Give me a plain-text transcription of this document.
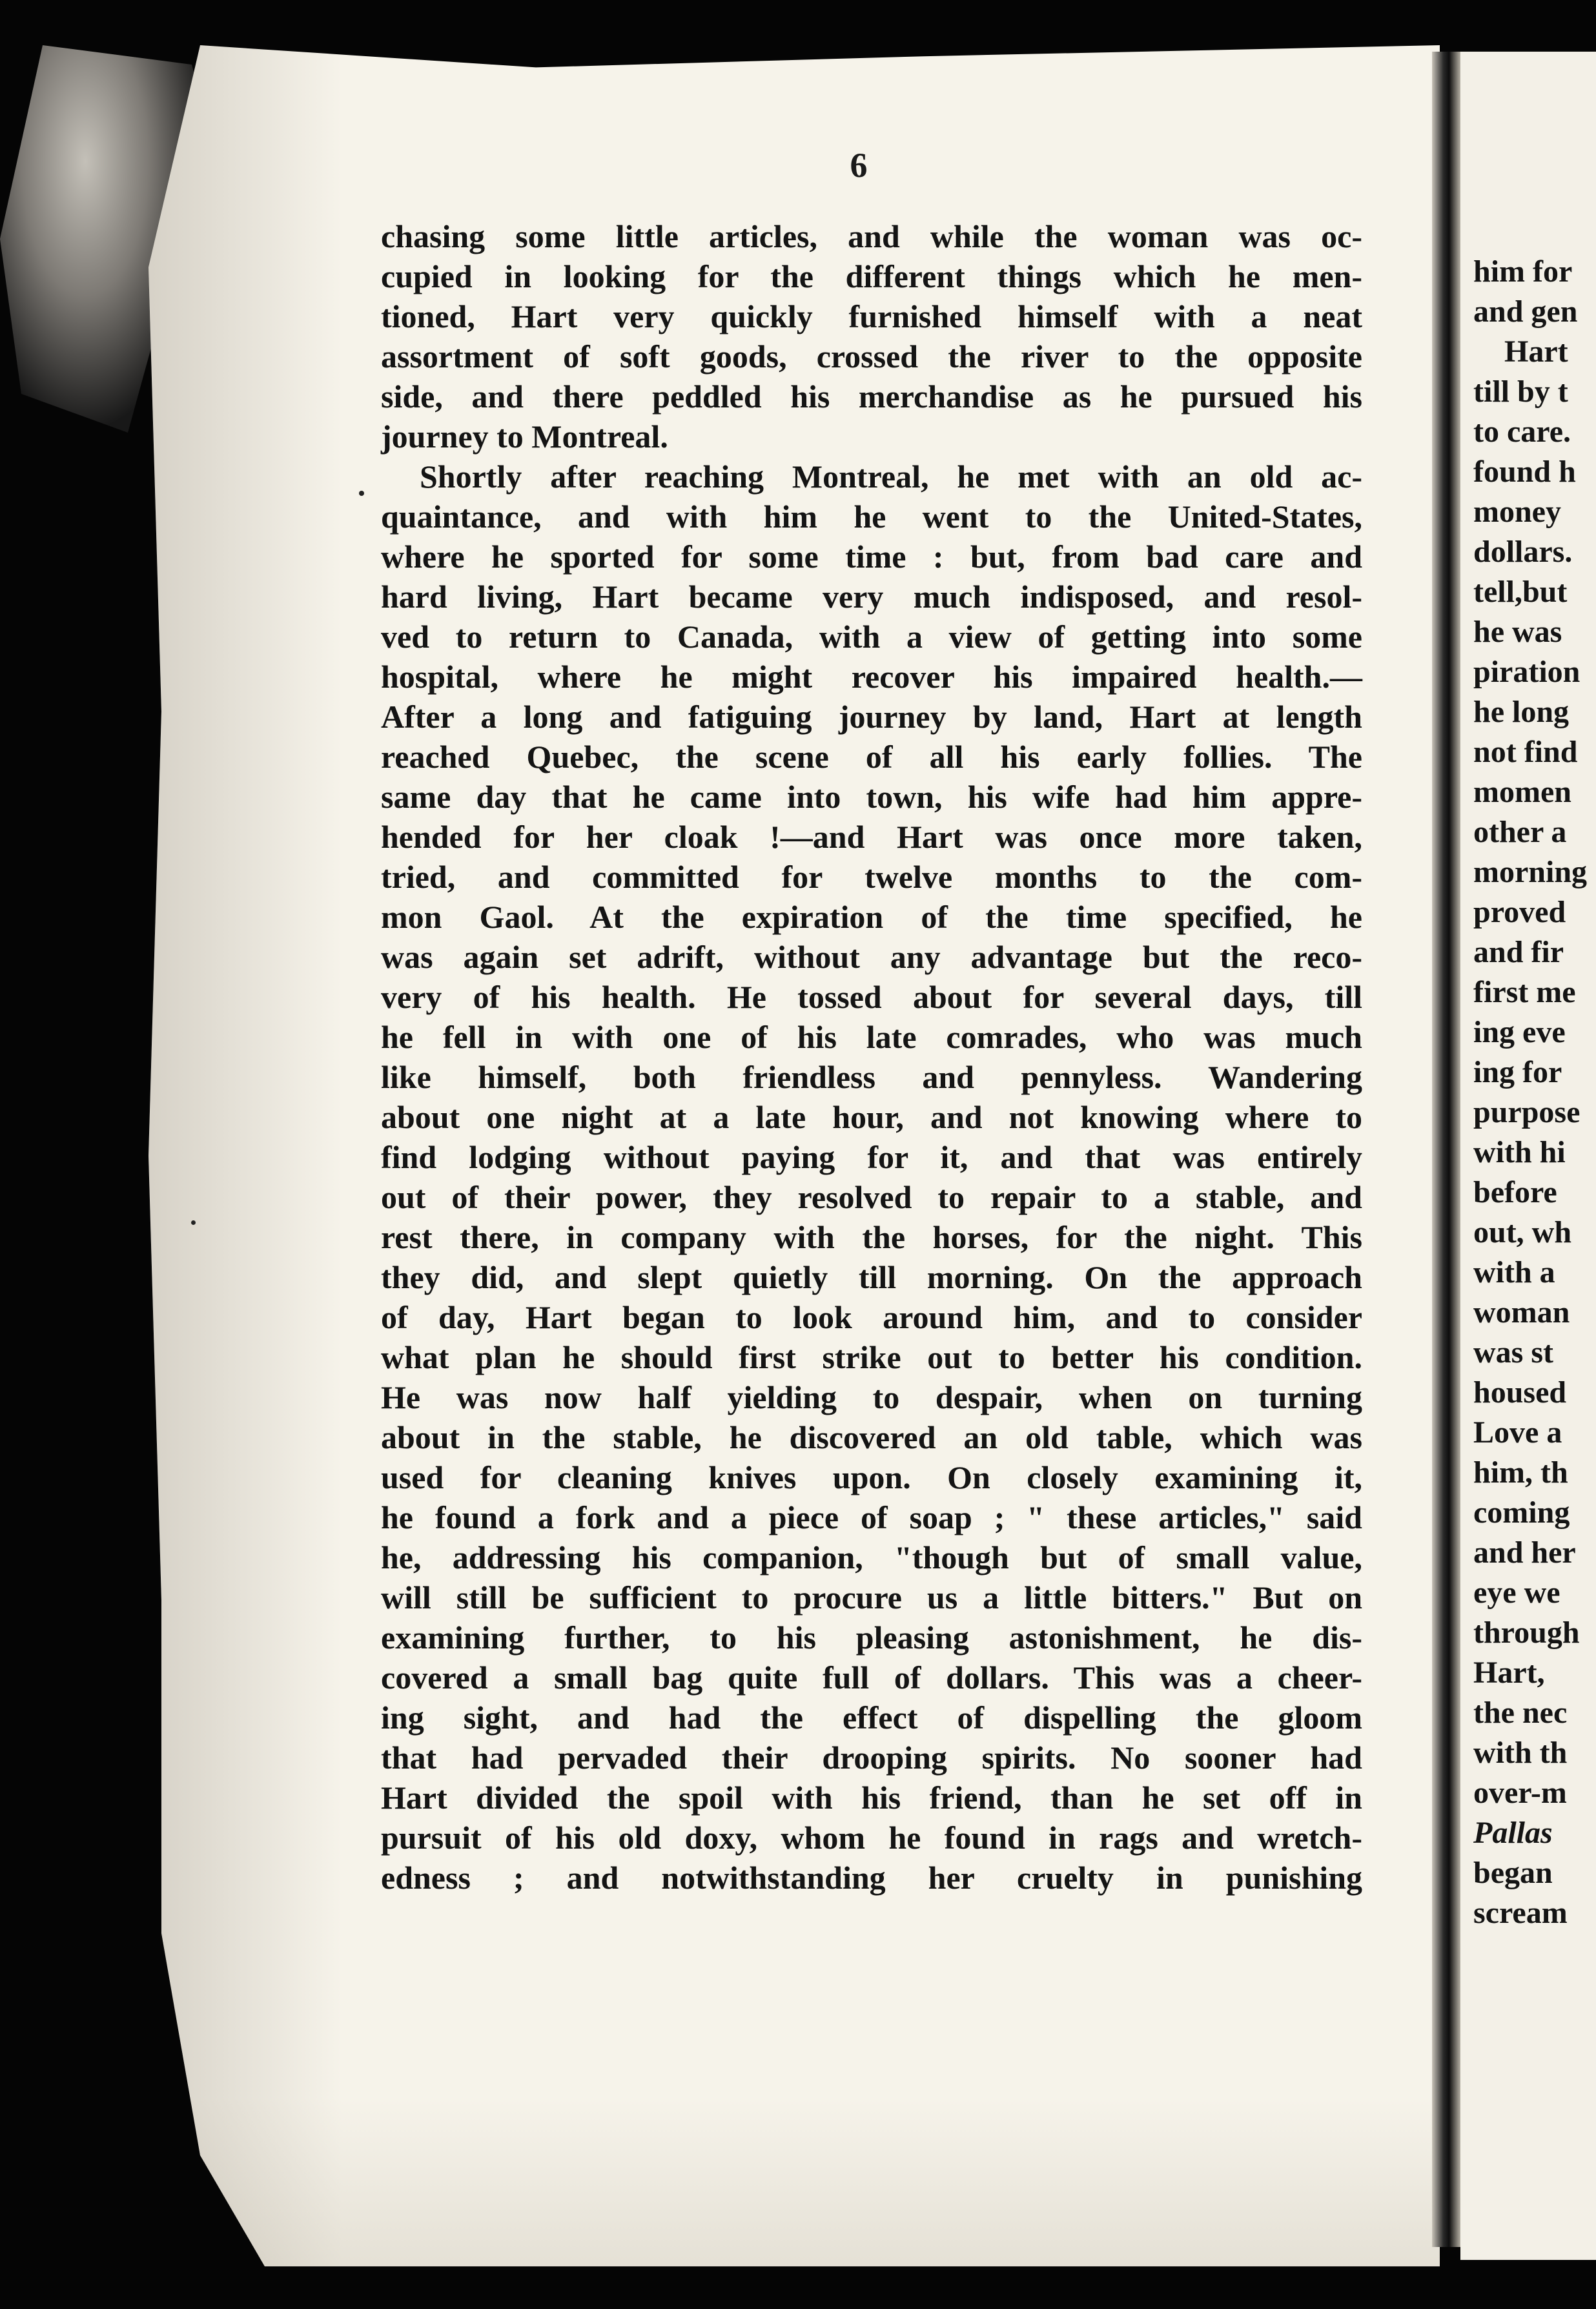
6
chasing some little articles, and while the woman was oc-
cupied in looking for the different things which he men-
tioned, Hart very quickly furnished himself with a neat
assortment of soft goods, crossed the river to the opposite
side, and there peddled his merchandise as he pursued his
journey to Montreal.
Shortly after reaching Montreal, he met with an old ac-
quaintance, and with him he went to the United-States,
where he sported for some time : but, from bad care and
hard living, Hart became very much indisposed, and resol-
ved to return to Canada, with a view of getting into some
hospital, where he might recover his impaired health.—
After a long and fatiguing journey by land, Hart at length
reached Quebec, the scene of all his early follies. The
same day that he came into town, his wife had him appre-
hended for her cloak !—and Hart was once more taken,
tried, and committed for twelve months to the com-
mon Gaol. At the expiration of the time specified, he
was again set adrift, without any advantage but the reco-
very of his health. He tossed about for several days, till
he fell in with one of his late comrades, who was much
like himself, both friendless and pennyless. Wandering
about one night at a late hour, and not knowing where to
find lodging without paying for it, and that was entirely
out of their power, they resolved to repair to a stable, and
rest there, in company with the horses, for the night. This
they did, and slept quietly till morning. On the approach
of day, Hart began to look around him, and to consider
what plan he should first strike out to better his condition.
He was now half yielding to despair, when on turning
about in the stable, he discovered an old table, which was
used for cleaning knives upon. On closely examining it,
he found a fork and a piece of soap ; " these articles," said
he, addressing his companion, "though but of small value,
will still be sufficient to procure us a little bitters." But on
examining further, to his pleasing astonishment, he dis-
covered a small bag quite full of dollars. This was a cheer-
ing sight, and had the effect of dispelling the gloom
that had pervaded their drooping spirits. No sooner had
Hart divided the spoil with his friend, than he set off in
pursuit of his old doxy, whom he found in rags and wretch-
edness ; and notwithstanding her cruelty in punishing
him for
and gen
Hart
till by t
to care.
found h
money
dollars.
tell,but
he was
piration
he long
not find
momen
other a
morning
proved
and fir
first me
ing eve
ing for
purpose
with hi
before
out, wh
with a
woman
was st
housed
Love a
him, th
coming
and her
eye we
through
Hart,
the nec
with th
over-m
Pallas
began
scream
